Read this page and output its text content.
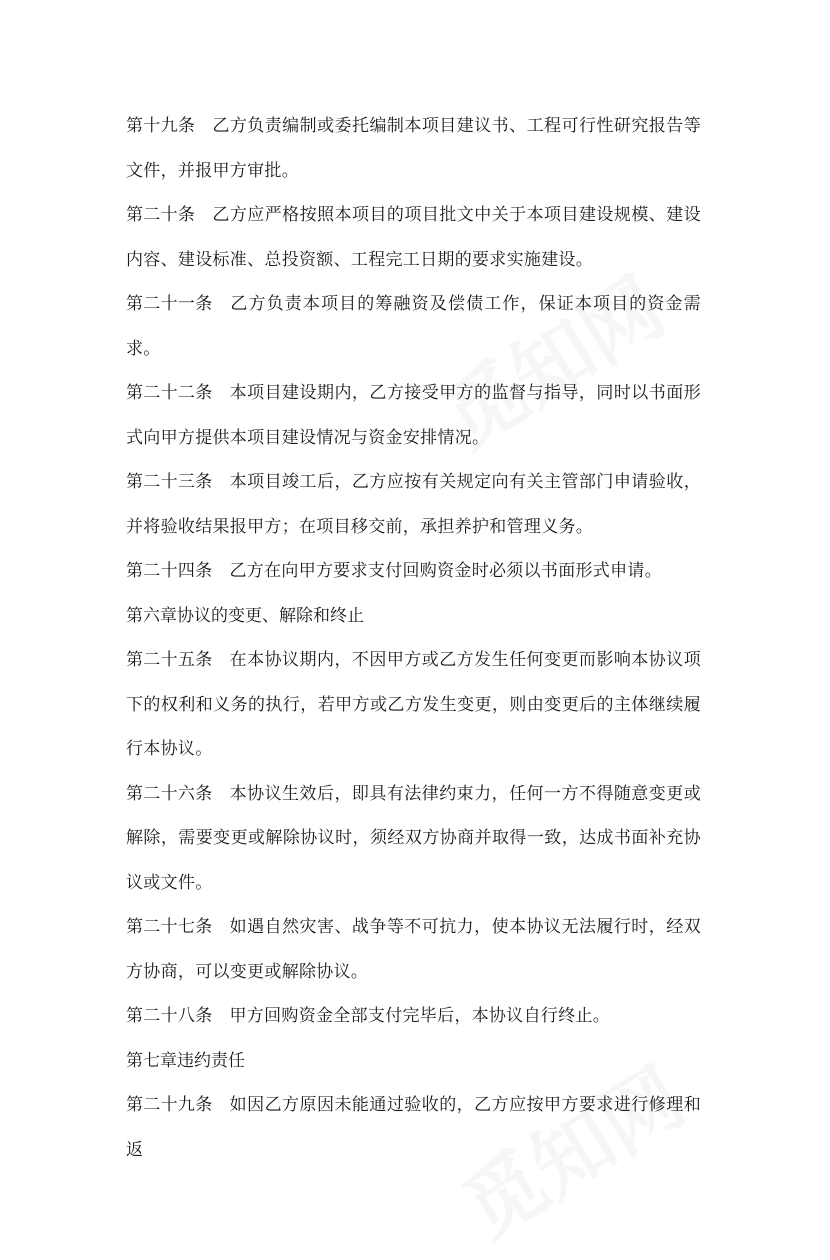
第十九条 乙方负责编制或委托编制本项目建议书、工程可行性研究报告等文件，并报甲方审批。

第二十条 乙方应严格按照本项目的项目批文中关于本项目建设规模、建设内容、建设标准、总投资额、工程完工日期的要求实施建设。

第二十一条 乙方负责本项目的筹融资及偿债工作，保证本项目的资金需求。

第二十二条 本项目建设期内，乙方接受甲方的监督与指导，同时以书面形式向甲方提供本项目建设情况与资金安排情况。

第二十三条 本项目竣工后，乙方应按有关规定向有关主管部门申请验收，并将验收结果报甲方；在项目移交前，承担养护和管理义务。

第二十四条 乙方在向甲方要求支付回购资金时必须以书面形式申请。

第六章协议的变更、解除和终止

第二十五条 在本协议期内，不因甲方或乙方发生任何变更而影响本协议项下的权利和义务的执行，若甲方或乙方发生变更，则由变更后的主体继续履行本协议。

第二十六条 本协议生效后，即具有法律约束力，任何一方不得随意变更或解除，需要变更或解除协议时，须经双方协商并取得一致，达成书面补充协议或文件。

第二十七条 如遇自然灾害、战争等不可抗力，使本协议无法履行时，经双方协商，可以变更或解除协议。

第二十八条 甲方回购资金全部支付完毕后，本协议自行终止。

第七章违约责任

第二十九条 如因乙方原因未能通过验收的，乙方应按甲方要求进行修理和返
